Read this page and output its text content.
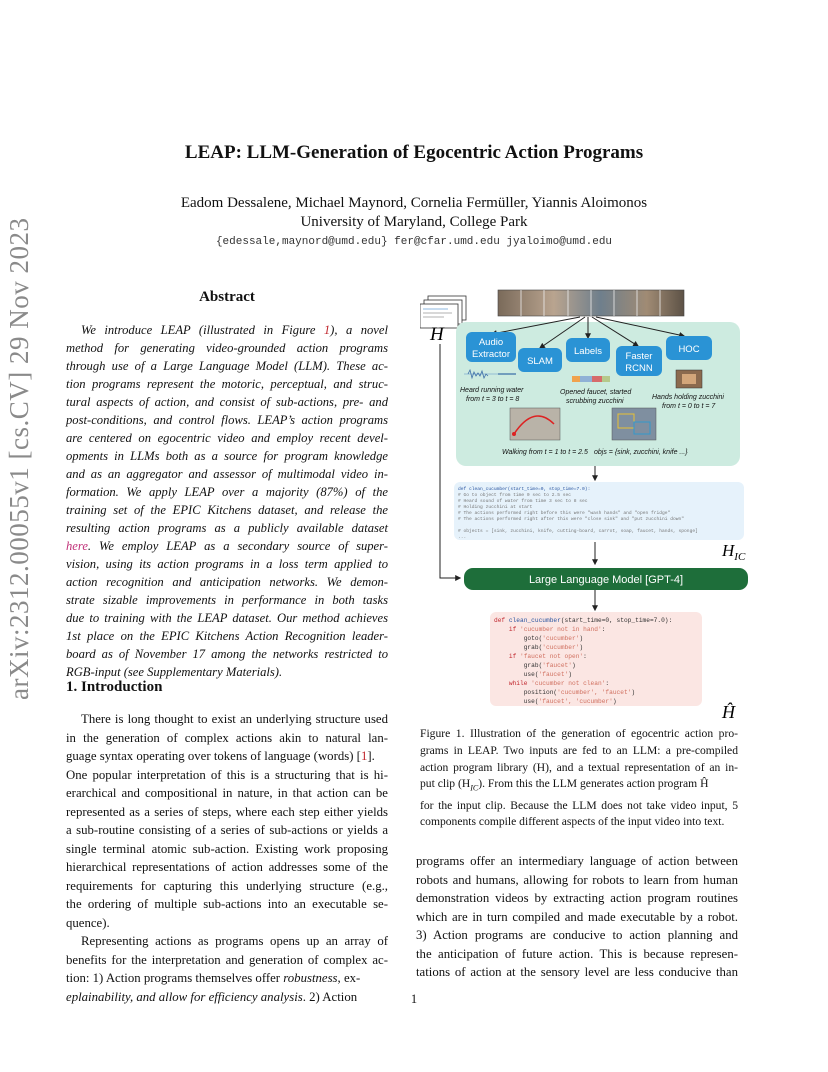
arXiv:2312.00055v1 [cs.CV] 29 Nov 2023
LEAP: LLM-Generation of Egocentric Action Programs
Eadom Dessalene, Michael Maynord, Cornelia Fermüller, Yiannis Aloimonos
University of Maryland, College Park
{edessale,maynord@umd.edu} fer@cfar.umd.edu jyaloimo@umd.edu
Abstract
We introduce LEAP (illustrated in Figure 1), a novel
method for generating video-grounded action programs
through use of a Large Language Model (LLM). These ac-
tion programs represent the motoric, perceptual, and struc-
tural aspects of action, and consist of sub-actions, pre- and
post-conditions, and control flows. LEAP’s action programs
are centered on egocentric video and employ recent devel-
opments in LLMs both as a source for program knowledge
and as an aggregator and assessor of multimodal video in-
formation. We apply LEAP over a majority (87%) of the
training set of the EPIC Kitchens dataset, and release the
resulting action programs as a publicly available dataset
here. We employ LEAP as a secondary source of super-
vision, using its action programs in a loss term applied to
action recognition and anticipation networks. We demon-
strate sizable improvements in performance in both tasks
due to training with the LEAP dataset. Our method achieves
1st place on the EPIC Kitchens Action Recognition leader-
board as of November 17 among the networks restricted to
RGB-input (see Supplementary Materials).
1. Introduction
There is long thought to exist an underlying structure used
in the generation of complex actions akin to natural lan-
guage syntax operating over tokens of language (words) [1].
One popular interpretation of this is a structuring that is hi-
erarchical and compositional in nature, in that action can be
represented as a series of steps, where each step either yields
a sub-routine consisting of a series of sub-actions or yields a
single terminal atomic sub-action. Existing work proposing
hierarchical representations of action addresses some of the
requirements for capturing this underlying structure (e.g.,
the ordering of multiple sub-actions into an executable se-
quence).
Representing actions as programs opens up an array of
benefits for the interpretation and generation of complex ac-
tion: 1) Action programs themselves offer robustness, ex-
eplainability, and allow for efficiency analysis. 2) Action
programs offer an intermediary language of action between
robots and humans, allowing for robots to learn from human
demonstration videos by extracting action program routines
which are in turn compiled and made executable by a robot.
3) Action programs are conducive to action planning and
the anticipation of future action. This is because represen-
tations of action at the sensory level are less conducive than
H	Audio
Extractor
SLAM
Labels Faster
RCNN
HOC
Heard running water
from t = 3 to t = 8
Opened faucet, started
scrubbing zucchini
Hands holding zucchini
from t = 0 to t = 7
Walking from t = 1 to t = 2.5 objs = {sink, zucchini, knife ...}
def clean_cucumber(start_time=0, stop_time=7.0):
# Go to object from time 0 sec to 2.5 sec
# Heard sound of water from time 3 sec to 8 sec
# Holding zucchini at start
# The actions performed right before this were "wash hands" and "open fridge"
# The actions performed right after this were "close sink" and "put zucchini down"
# objects = [sink, zucchini, knife, cutting-board, carrot, soap, faucet, hands, sponge]
...
$H_{IC}$
Large Language Model [GPT-4]
def clean_cucumber(start_time=0, stop_time=7.0):
if 'cucumber not in hand':
goto('cucumber')
grab('cucumber')
if 'faucet not open':
grab('faucet')
use('faucet')
while 'cucumber not clean':
position('cucumber', 'faucet')
use('faucet', 'cucumber')
Ĥ
Figure 1. Illustration of the generation of egocentric action pro-
grams in LEAP. Two inputs are fed to an LLM: a pre-compiled
action program library (H), and a textual representation of an in-
put clip $(H_{IC})$. From this the LLM generates action program Ĥ
for the input clip. Because the LLM does not take video input, 5
components compile different aspects of the input video into text.
1
